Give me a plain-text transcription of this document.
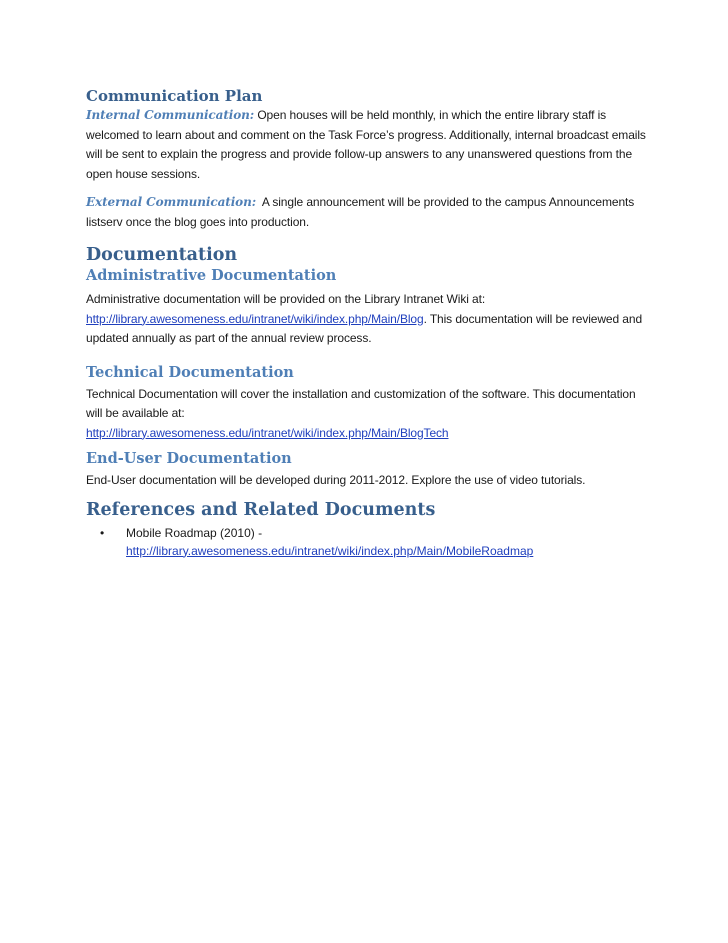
Communication Plan

Internal Communication: Open houses will be held monthly, in which the entire library staff is welcomed to learn about and comment on the Task Force’s progress. Additionally, internal broadcast emails will be sent to explain the progress and provide follow-up answers to any unanswered questions from the open house sessions.

External Communication: A single announcement will be provided to the campus Announcements listserv once the blog goes into production.

Documentation
Administrative Documentation

Administrative documentation will be provided on the Library Intranet Wiki at:
http://library.awesomeness.edu/intranet/wiki/index.php/Main/Blog. This documentation will be reviewed and updated annually as part of the annual review process.

Technical Documentation

Technical Documentation will cover the installation and customization of the software. This documentation will be available at:
http://library.awesomeness.edu/intranet/wiki/index.php/Main/BlogTech

End-User Documentation

End-User documentation will be developed during 2011-2012. Explore the use of video tutorials.

References and Related Documents
• Mobile Roadmap (2010) -
http://library.awesomeness.edu/intranet/wiki/index.php/Main/MobileRoadmap
